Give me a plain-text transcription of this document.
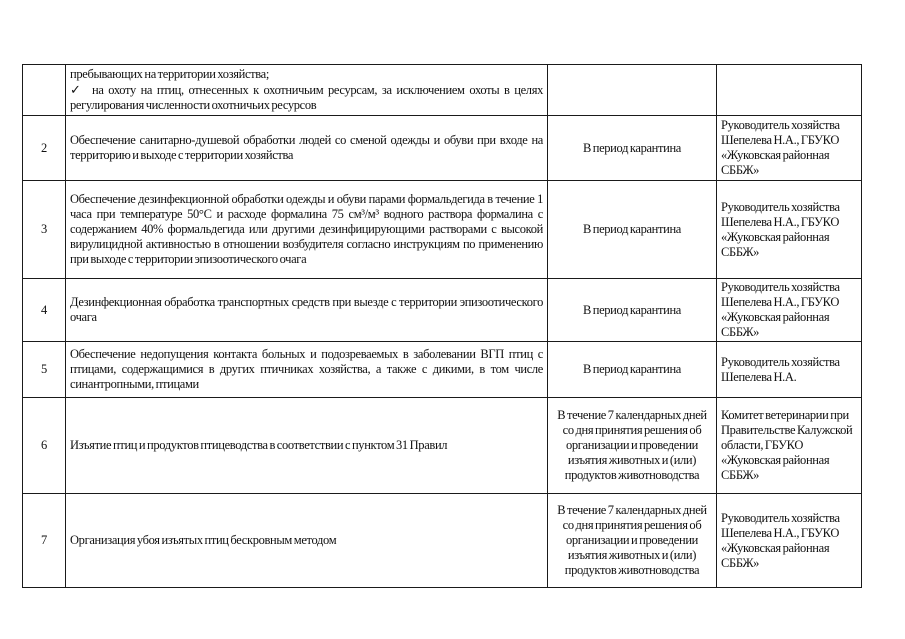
	пребывающих на территории хозяйства;
✓ на охоту на птиц, отнесенных к охотничьим ресурсам, за исключением охоты в целях регулирования численности охотничьих ресурсов		

2	Обеспечение санитарно-душевой обработки людей со сменой одежды и обуви при входе на территорию и выходе с территории хозяйства	В период карантина	Руководитель хозяйства Шепелева Н.А., ГБУКО «Жуковская районная СББЖ»
3	Обеспечение дезинфекционной обработки одежды и обуви парами формальдегида в течение 1 часа при температуре 50°C и расходе формалина 75 см³/м³ водного раствора формалина с содержанием 40% формальдегида или другими дезинфицирующими растворами с высокой вирулицидной активностью в отношении возбудителя согласно инструкциям по применению при выходе с территории эпизоотического очага	В период карантина	Руководитель хозяйства Шепелева Н.А., ГБУКО «Жуковская районная СББЖ»
4	Дезинфекционная обработка транспортных средств при выезде с территории эпизоотического очага	В период карантина	Руководитель хозяйства Шепелева Н.А., ГБУКО «Жуковская районная СББЖ»
5	Обеспечение недопущения контакта больных и подозреваемых в заболевании ВГП птиц с птицами, содержащимися в других птичниках хозяйства, а также с дикими, в том числе синантропными, птицами	В период карантина	Руководитель хозяйства Шепелева Н.А.
6	Изъятие птиц и продуктов птицеводства в соответствии с пунктом 31 Правил	В течение 7 календарных дней со дня принятия решения об организации и проведении изъятия животных и (или) продуктов животноводства	Комитет ветеринарии при Правительстве Калужской области, ГБУКО «Жуковская районная СББЖ»
7	Организация убоя изъятых птиц бескровным методом	В течение 7 календарных дней со дня принятия решения об организации и проведении изъятия животных и (или) продуктов животноводства	Руководитель хозяйства Шепелева Н.А., ГБУКО «Жуковская районная СББЖ»
